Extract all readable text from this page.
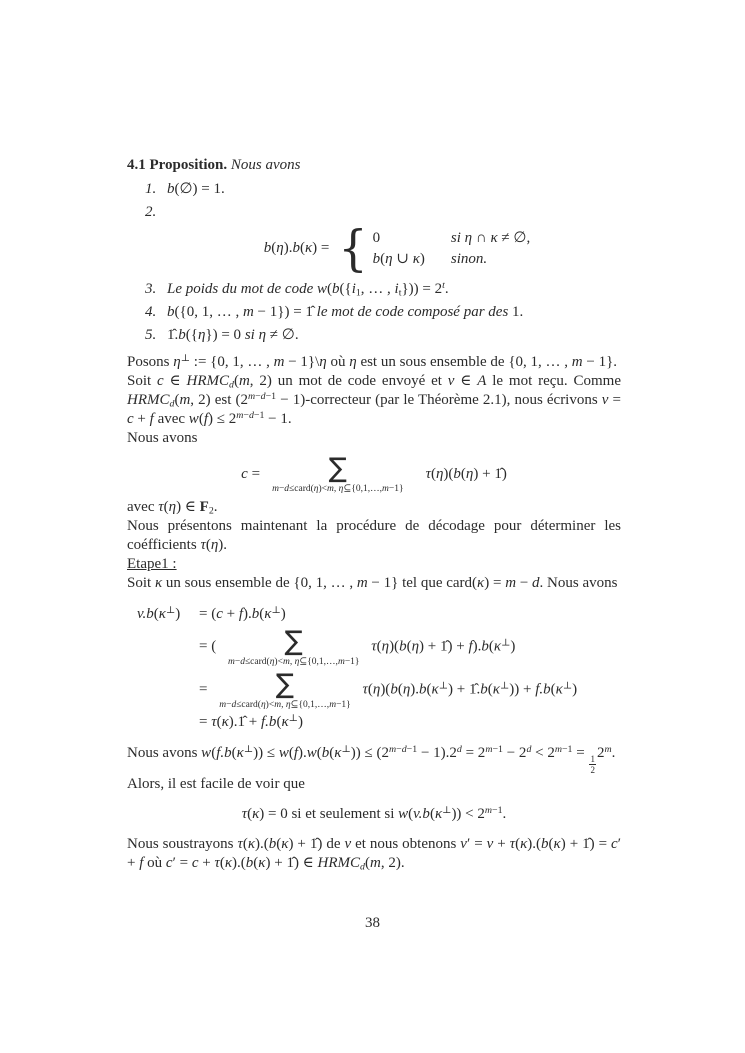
4.1 Proposition. Nous avons
1. b(∅) = 1.
2.
b(η).b(κ) = { 0	si η ∩ κ ≠ ∅,
b(η ∪ κ) sinon.
3. Le poids du mot de code $w(b(\{i_1$, … , $i_t\})) = 2^t$.
4. b({0, 1, … , m − 1}) = 1̂ le mot de code composé par des 1.
5. 1̂.b({η}) = 0 si η ≠ ∅.
Posons η⊥ := {0, 1, … , m − 1}\η où η est un sous ensemble de {0, 1, … , m − 1}.
Soit c ∈ $HRMC_d(m$, 2) un mot de code envoyé et v ∈ A le mot reçu. Comme $HRMC_d(m$, 2) est ($2^{m-d-1}$ − 1)-correcteur (par le Théorème 2.1), nous écrivons v = c + f avec $w(f) \le 2^{m-d-1} - 1$.
Nous avons
c =	∑
m−d≤card(η)<m, η⊆{0,1,…,m−1}
τ(η)(b(η) + 1̂)
avec τ(η) ∈ $F_2$.
Nous présentons maintenant la procédure de décodage pour déterminer les coéfficients τ(η).
Etape1 :
Soit κ un sous ensemble de {0, 1, … , m − 1} tel que card(κ) = m − d. Nous avons
v.b(κ⊥)	= (c + f).b(κ⊥)
= ( ∑
m−d≤card(η)<m, η⊆{0,1,…,m−1}
τ(η)(b(η) + 1̂) + f).b(κ⊥)
= ∑
m−d≤card(η)<m, η⊆{0,1,…,m−1}
τ(η)(b(η).b(κ⊥) + 1̂.b(κ⊥)) + f.b(κ⊥)
= τ(κ).1̂ + f.b(κ⊥)
Nous avons $w(f.b(\kappa^\perp)) \le w(f).w(b(\kappa^\perp)) \le (2^{m-d-1} - 1).2^d = 2^{m-1} - 2^d < 2^{m-1}$ =
$\frac{1}{2}$
2$^m$.
Alors, il est facile de voir que
τ(κ) = 0 si et seulement si $w(v.b(\kappa^\perp)) < 2^{m-1}$.
Nous soustrayons τ(κ).(b(κ) + 1̂) de v et nous obtenons v′ = v + τ(κ).(b(κ) + 1̂) = c′ + f où c′ = c + τ(κ).(b(κ) + 1̂) ∈ $HRMC_d(m$, 2).
38
